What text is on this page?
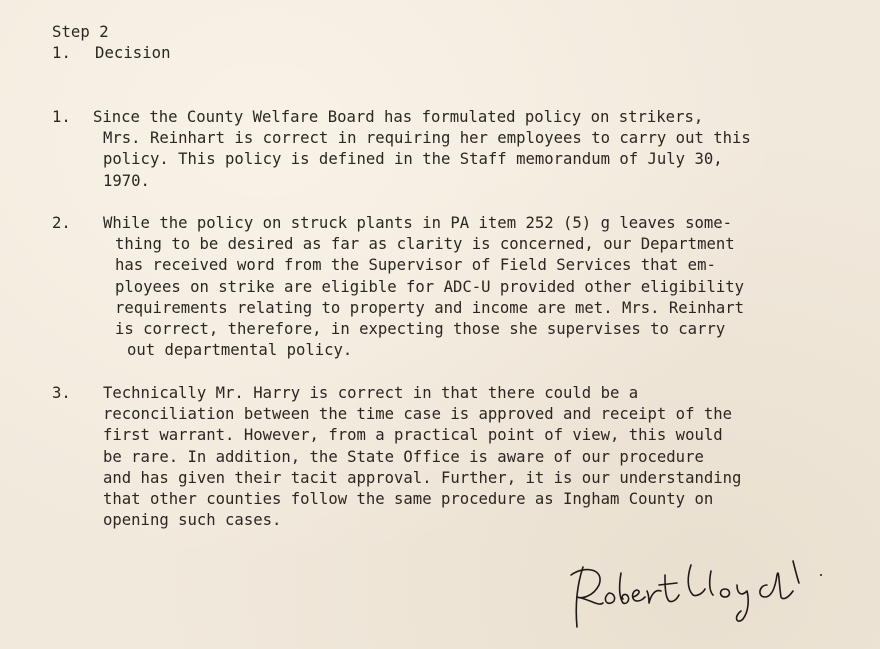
Step 2
1. Decision
1. Since the County Welfare Board has formulated policy on strikers,
Mrs. Reinhart is correct in requiring her employees to carry out this
policy. This policy is defined in the Staff memorandum of July 30,
1970.
2. While the policy on struck plants in PA item 252 (5) g leaves some-
thing to be desired as far as clarity is concerned, our Department
has received word from the Supervisor of Field Services that em-
ployees on strike are eligible for ADC-U provided other eligibility
requirements relating to property and income are met. Mrs. Reinhart
is correct, therefore, in expecting those she supervises to carry
out departmental policy.
3. Technically Mr. Harry is correct in that there could be a
reconciliation between the time case is approved and receipt of the
first warrant. However, from a practical point of view, this would
be rare. In addition, the State Office is aware of our procedure
and has given their tacit approval. Further, it is our understanding
that other counties follow the same procedure as Ingham County on
opening such cases.
